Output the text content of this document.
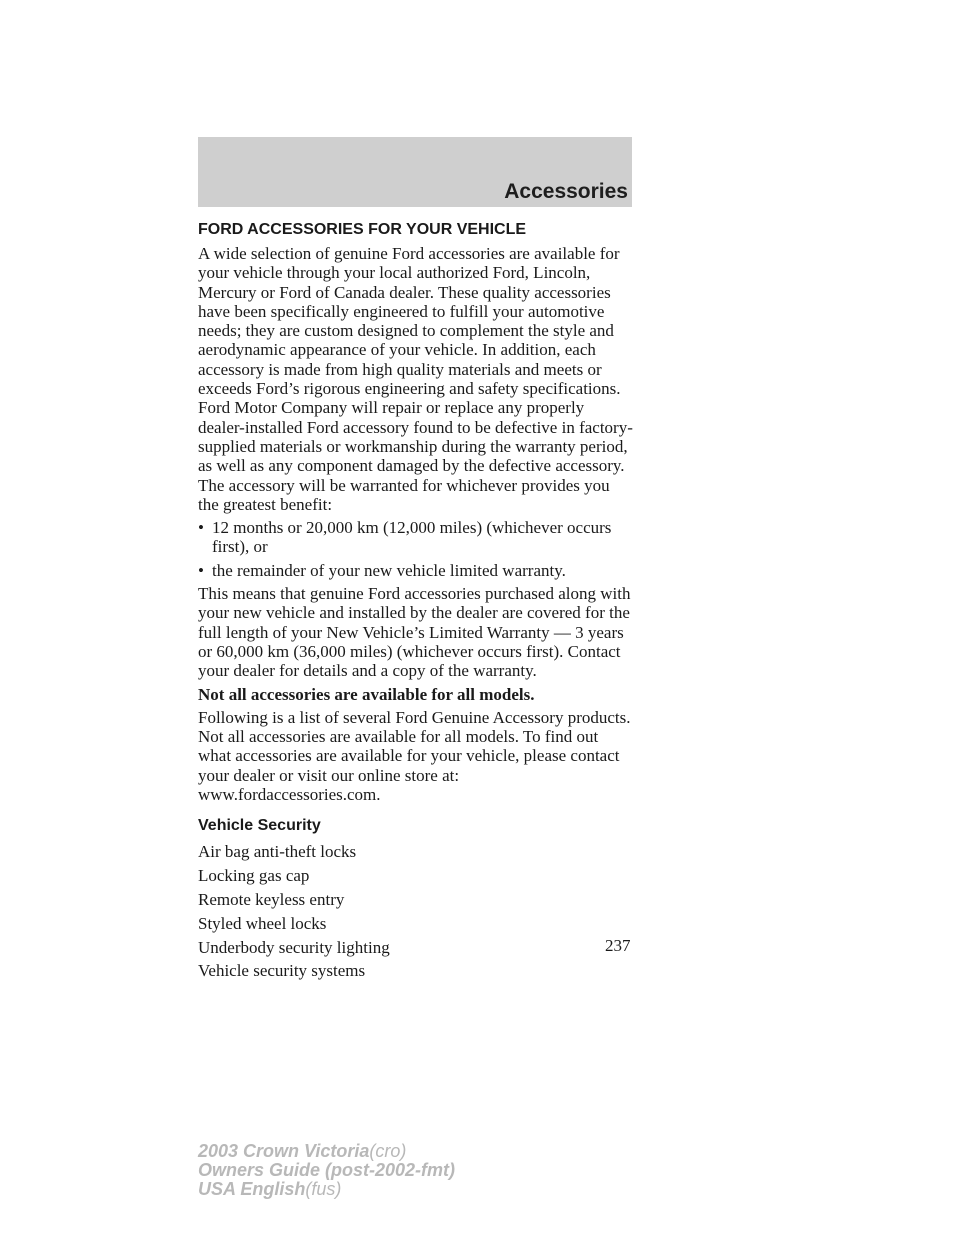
Accessories
FORD ACCESSORIES FOR YOUR VEHICLE

A wide selection of genuine Ford accessories are available for your vehicle through your local authorized Ford, Lincoln, Mercury or Ford of Canada dealer. These quality accessories have been specifically engineered to fulfill your automotive needs; they are custom designed to complement the style and aerodynamic appearance of your vehicle. In addition, each accessory is made from high quality materials and meets or exceeds Ford’s rigorous engineering and safety specifications. Ford Motor Company will repair or replace any properly dealer-installed Ford accessory found to be defective in factory-supplied materials or workmanship during the warranty period, as well as any component damaged by the defective accessory. The accessory will be warranted for whichever provides you the greatest benefit:

• 12 months or 20,000 km (12,000 miles) (whichever occurs first), or
• the remainder of your new vehicle limited warranty.

This means that genuine Ford accessories purchased along with your new vehicle and installed by the dealer are covered for the full length of your New Vehicle’s Limited Warranty — 3 years or 60,000 km (36,000 miles) (whichever occurs first). Contact your dealer for details and a copy of the warranty.

Not all accessories are available for all models.

Following is a list of several Ford Genuine Accessory products. Not all accessories are available for all models. To find out what accessories are available for your vehicle, please contact your dealer or visit our online store at: www.fordaccessories.com.

Vehicle Security
Air bag anti-theft locks
Locking gas cap
Remote keyless entry
Styled wheel locks
Underbody security lighting
Vehicle security systems
237
2003 Crown Victoria(cro)
Owners Guide (post-2002-fmt)
USA English(fus)
